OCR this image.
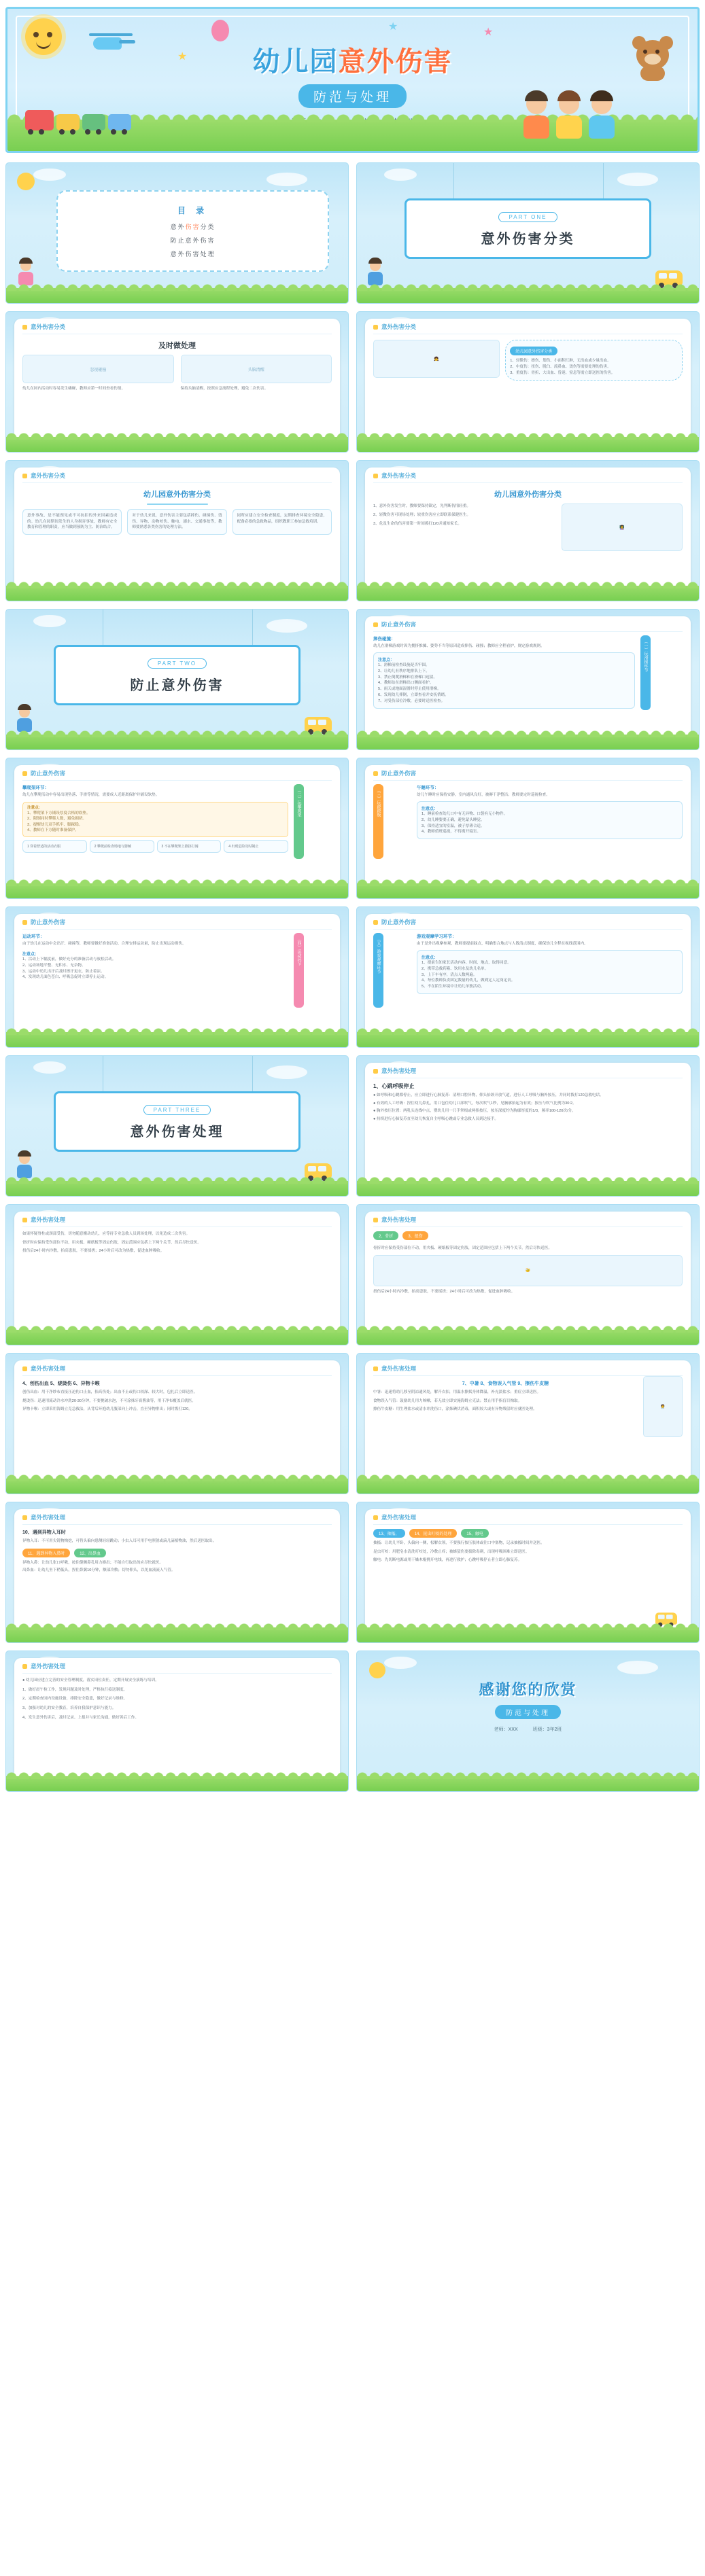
★
★
★
幼儿园意外伤害
防范与处理
目 录
意外伤害分类
防止意外伤害
意外伤害处理
PART ONE
意外伤害分类
意外伤害分类
及时做处理
忽视碰撞
幼儿在园内活动时容易发生磕碰，教师应第一时间查看伤情。
头脑清醒
保持头脑清醒，按照应急流程处理，避免二次伤害。
意外伤害分类
👧
幼儿园意外伤害分类
1、轻微伤：擦伤、划伤、小面积红肿，无出血或少量出血。
2、中度伤：扭伤、脱臼、流鼻血、烫伤等需要处理的伤害。
3、重度伤：骨折、大出血、昏迷、窒息等需立即送医的伤害。
意外伤害分类
幼儿园意外伤害分类
意外事故，是不能预见或不可抗拒的外来因素造成的。幼儿在园期间发生的人身损害事故，教师有安全教育和管理的职责，应当做到预防为主、防治结合。
对于幼儿来说，意外伤害主要包括摔伤、碰撞伤、烫伤、异物、动物咬伤、触电、溺水、交通事故等，教师要熟悉各类伤害的处理方法。
园所应建立安全检查制度，定期排查环境安全隐患，配备必要的急救物品，组织教职工参加急救培训。
意外伤害分类
幼儿园意外伤害分类
1、意外伤害发生时，教师要保持镇定，先判断伤情轻重。
2、轻微伤害可现场处理；较重伤害应立即联系保健医生。
3、危及生命的伤害要第一时间拨打120并通知家长。
👩‍🏫
PART TWO
防止意外伤害
防止意外伤害
摔伤碰撞：
幼儿在滑梯游戏时因为拥挤推搡、姿势不当等原因造成摔伤、碰撞；教师应全程看护，规定游戏规则。
注意点：
1、滑梯前检查设施是否牢固。
2、让幼儿有秩序地排队上下。
3、禁止倒爬滑梯和在滑梯口逗留。
4、教师站在滑梯出口侧面看护。
5、雨天或地面湿滑时停止使用滑梯。
6、发现幼儿摔倒，立即查看并安抚情绪。
7、对受伤部位冷敷，必要时送医检查。
（一）玩滑梯环节
防止意外伤害
攀爬架环节：
幼儿在攀爬活动中容易出现坠落、手滑等情况，需要成人近距离保护并铺设软垫。
注意点：
1、攀爬架下方铺设厚度合格的软垫。
2、限制同时攀爬人数，避免拥挤。
3、提醒幼儿双手抓牢、脚踩稳。
4、教师在下方随时准备保护。
1 穿着舒适的活动衣服	2 攀爬前检查场地与器械	3 不在攀爬架上推挤打闹	4 出现危险及时制止
（二）玩攀爬架
防止意外伤害
（三）玩跷跷板
午睡环节：
幼儿午睡时应保持安静，室内通风良好，被褥干净整洁；教师要定时巡视检查。
注意点：
1、睡前检查幼儿口中有无异物、口袋有无小物件。
2、幼儿睡姿要正确，避免蒙头睡觉。
3、保持适宜的室温，被子厚薄合适。
4、教师值班巡视，不得离开寝室。
防止意外伤害
运动环节：
由于幼儿在运动中会出汗、碰撞等，教师要做好准备活动、合理安排运动量，防止出现运动损伤。
注意点：
1、活动上下幅度前，做好充分的准备活动与放松活动。
2、运动场地平整、无积水、无杂物。
3、运动中幼儿出汗后及时擦汗更衣，防止着凉。
4、发现幼儿面色苍白、呼吸急促时立即停止运动。
（四）运动环节
防止意外伤害
（五）游戏观摩环节
游戏观摩学习环节：
由于是外出观摩参观，教师要提前踩点，明确集合地点与人数清点制度，确保幼儿全程在视线范围内。
注意点：
1、提前告知家长活动内容、时间、地点，取得同意。
2、携带急救药箱、饮用水及幼儿名单。
3、上下车有序，清点人数两遍。
4、每位教师负责固定数量的幼儿，做到定人定岗定责。
5、不在陌生环境中让幼儿单独活动。
PART THREE
意外伤害处理
意外伤害处理
1、心跳呼吸停止
● 如呼吸和心跳都停止，应立即进行心肺复苏：清理口腔异物，仰头抬颌开放气道，进行人工呼吸与胸外按压，并同时拨打120急救电话。
● 有效的人工呼吸：捏住幼儿鼻孔，用口包住幼儿口部吹气，每次吹气1秒，见胸廓抬起为有效；按压与吹气比例为30:2。
● 胸外按压位置：两乳头连线中点，婴幼儿用一只手掌根或两指按压，按压深度约为胸廓厚度的1/3，频率100-120次/分。
● 持续进行心肺复苏直至幼儿恢复自主呼吸心跳或专业急救人员到达接手。
意外伤害处理
如果怀疑脊柱或颈部受伤，切勿随意搬动幼儿，应等待专业急救人员到场处理，以免造成二次伤害。
骨折时应保持受伤部位不动，用夹板、硬纸板等固定伤肢，固定范围应包括上下两个关节，然后尽快送医。
扭伤后24小时内冷敷，抬高患肢，不要揉搓；24小时后可改为热敷，促进血肿吸收。
意外伤害处理
2、骨折	3、扭伤
骨折时应保持受伤部位不动，用夹板、硬纸板等固定伤肢，固定范围应包括上下两个关节，然后尽快送医。
🤕
扭伤后24小时内冷敷，抬高患肢，不要揉搓；24小时后可改为热敷，促进血肿吸收。
意外伤害处理
4、创伤出血 5、烧烫伤 6、异物卡喉
创伤出血：用干净纱布直接压迫伤口止血，抬高伤处；出血不止或伤口较深、较大时，包扎后立即送医。
烧烫伤：迅速用流动冷水冲洗20-30分钟，不要挑破水泡，不可涂抹牙膏酱油等，用干净布覆盖后就医。
异物卡喉：立即采用海姆立克急救法，从背后环抱幼儿腹部向上冲击，直至异物排出；同时拨打120。
意外伤害处理
7、中暑 8、食物误入气管 9、擦伤牛皮糖
中暑：迅速将幼儿移至阴凉通风处，解开衣扣，用温水擦拭身体降温，补充淡盐水；重症立即送医。
食物误入气管：鼓励幼儿用力咳嗽，若无效立即实施海姆立克法；禁止用手指盲目掏取。
擦伤牛皮糖：用生理盐水或清水冲洗伤口，涂抹碘伏消毒，面积较大或有异物残留时应就医处理。
🧑‍⚕️
意外伤害处理
10、遇到异物入耳时
异物入耳：不可用尖锐物掏挖，可将头偏向患侧轻轻跳动；小虫入耳可用手电照射或滴几滴植物油，然后送医取出。
11、遇到异物入鼻时	12、出鼻血
异物入鼻：让幼儿张口呼吸，按住健侧鼻孔用力擤出；不能自行取出的应尽快就医。
出鼻血：让幼儿坐下稍低头，捏住鼻翼10分钟，额部冷敷；切勿仰头，以免血液流入气管。
意外伤害处理
13、抽搐，	14、昆虫叮咬的处理	15、触电
抽搐：让幼儿平卧，头偏向一侧，松解衣领，不要强行按压肢体或往口中塞物，记录抽搐时间并送医。
昆虫叮咬：用肥皂水清洗叮咬处，冷敷止痒；被蜂蜇伤要拔除毒刺，出现呼吸困难立即送医。
触电：先切断电源或用干燥木棍挑开电线，再进行救护；心跳呼吸停止者立即心肺复苏。
意外伤害处理
● 幼儿园应建立完善的安全管理制度，落实岗位责任，定期开展安全演练与培训。
1、做好晨午检工作，发现问题及时处理，严格执行接送制度。
2、定期检查园内设施设备，排除安全隐患，做好记录与维修。
3、加强对幼儿的安全教育，培养自我保护意识与能力。
4、发生意外伤害后，及时记录、上报并与家长沟通，做好善后工作。
感谢您的欣赏
防范与处理
老师：XXX	班级：3年2班
